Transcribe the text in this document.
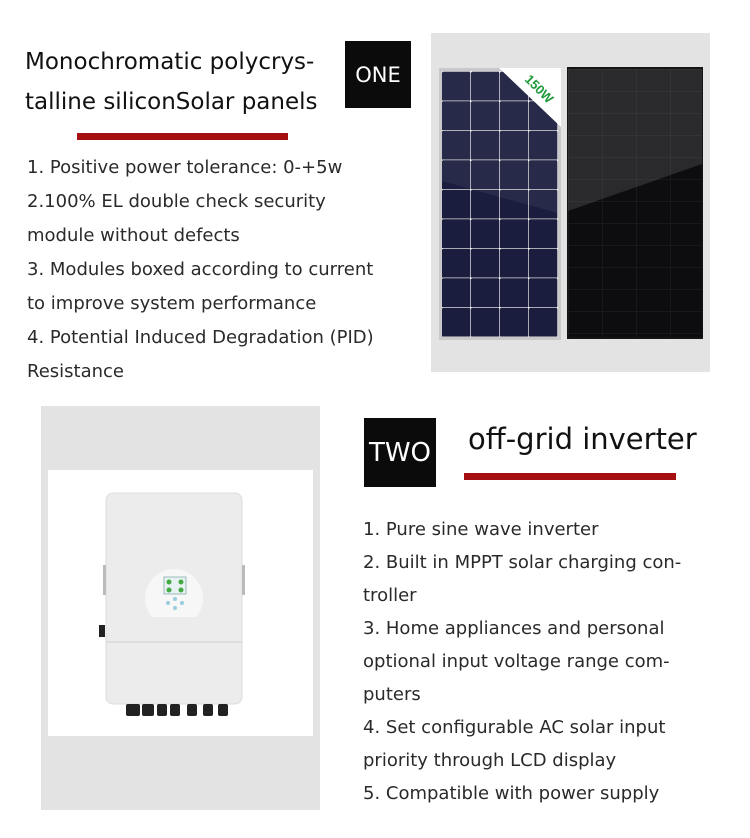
Monochromatic polycrys-
talline siliconSolar panels
ONE
1. Positive power tolerance: 0-+5w
2.100% EL double check security
module without defects
3. Modules boxed according to current
to improve system performance
4. Potential Induced Degradation (PID)
Resistance
150W
TWO off-grid inverter
1. Pure sine wave inverter
2. Built in MPPT solar charging con-
troller
3. Home appliances and personal
optional input voltage range com-
puters
4. Set configurable AC solar input
priority through LCD display
5. Compatible with power supply
